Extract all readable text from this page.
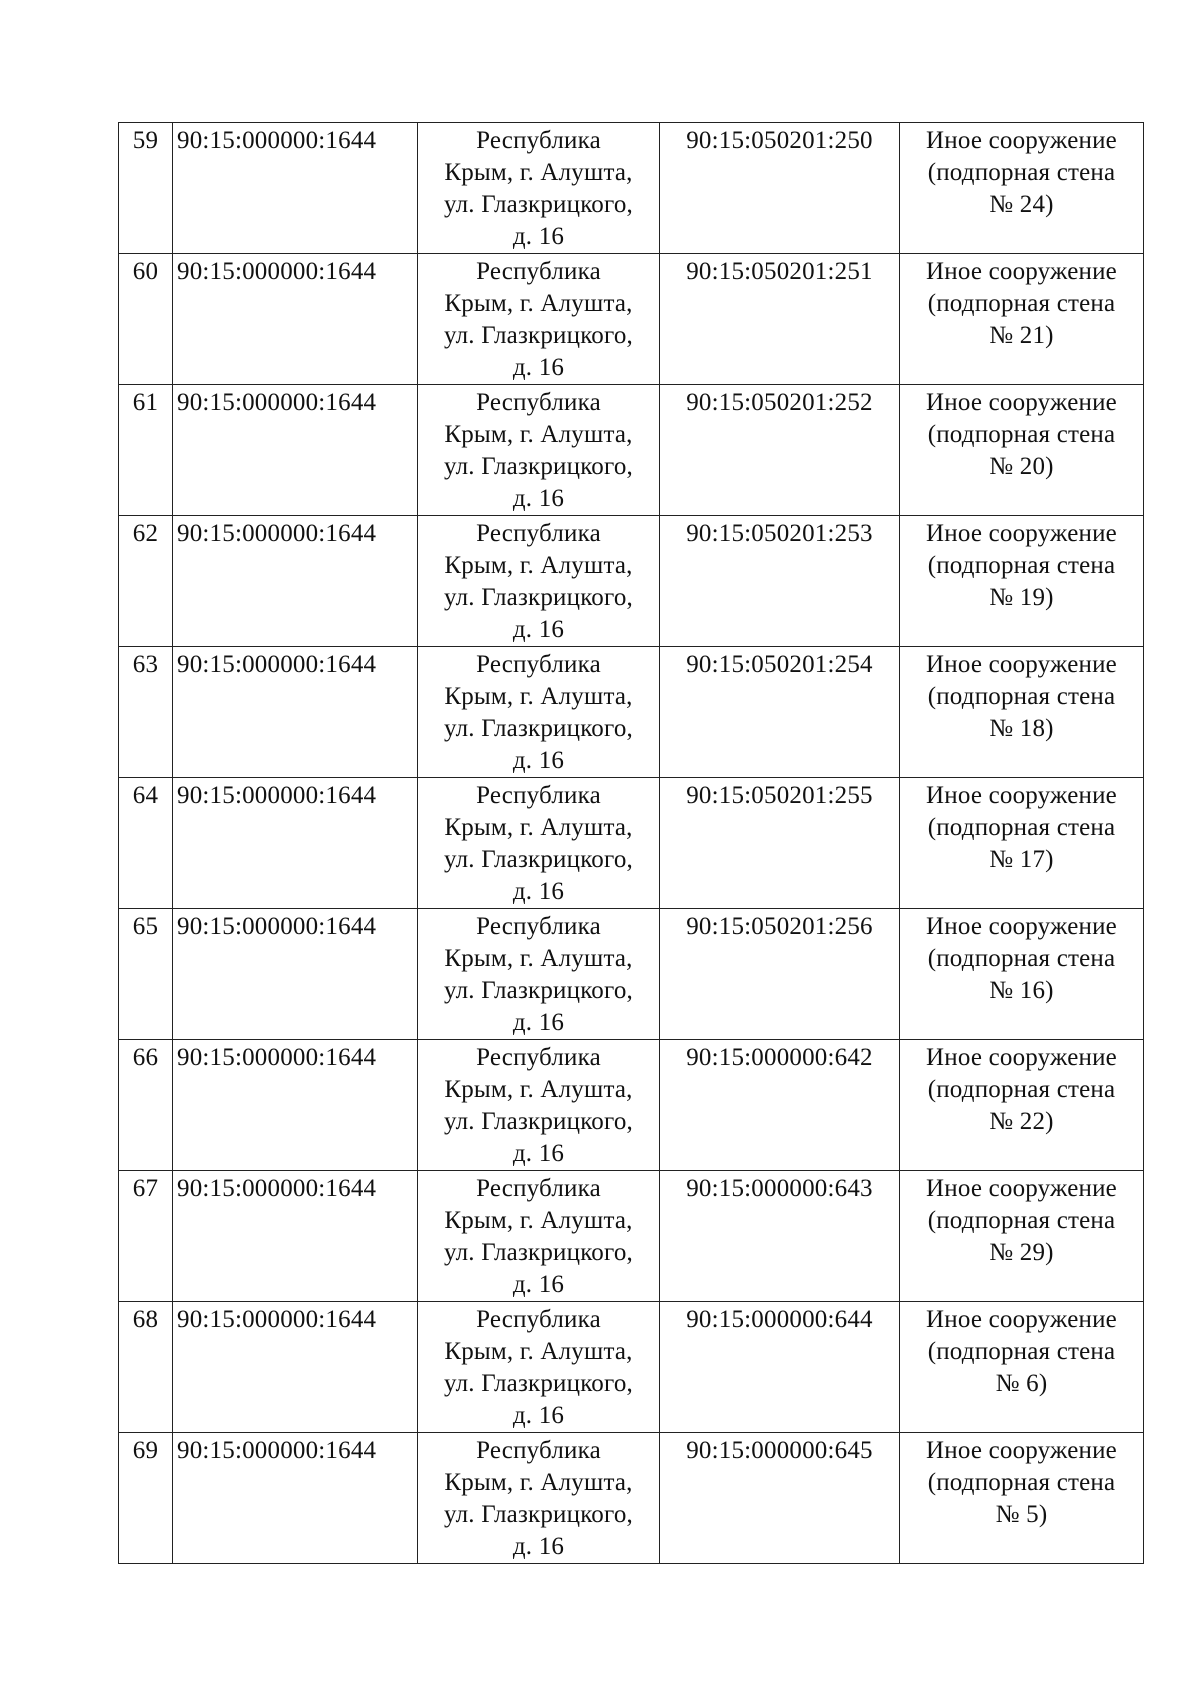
59	90:15:000000:1644	Республика
Крым, г. Алушта,
ул. Глазкрицкого,
д. 16	90:15:050201:250	Иное сооружение
(подпорная стена
№ 24)

60	90:15:000000:1644	Республика
Крым, г. Алушта,
ул. Глазкрицкого,
д. 16	90:15:050201:251	Иное сооружение
(подпорная стена
№ 21)

61	90:15:000000:1644	Республика
Крым, г. Алушта,
ул. Глазкрицкого,
д. 16	90:15:050201:252	Иное сооружение
(подпорная стена
№ 20)

62	90:15:000000:1644	Республика
Крым, г. Алушта,
ул. Глазкрицкого,
д. 16	90:15:050201:253	Иное сооружение
(подпорная стена
№ 19)

63	90:15:000000:1644	Республика
Крым, г. Алушта,
ул. Глазкрицкого,
д. 16	90:15:050201:254	Иное сооружение
(подпорная стена
№ 18)

64	90:15:000000:1644	Республика
Крым, г. Алушта,
ул. Глазкрицкого,
д. 16	90:15:050201:255	Иное сооружение
(подпорная стена
№ 17)

65	90:15:000000:1644	Республика
Крым, г. Алушта,
ул. Глазкрицкого,
д. 16	90:15:050201:256	Иное сооружение
(подпорная стена
№ 16)

66	90:15:000000:1644	Республика
Крым, г. Алушта,
ул. Глазкрицкого,
д. 16	90:15:000000:642	Иное сооружение
(подпорная стена
№ 22)

67	90:15:000000:1644	Республика
Крым, г. Алушта,
ул. Глазкрицкого,
д. 16	90:15:000000:643	Иное сооружение
(подпорная стена
№ 29)

68	90:15:000000:1644	Республика
Крым, г. Алушта,
ул. Глазкрицкого,
д. 16	90:15:000000:644	Иное сооружение
(подпорная стена
№ 6)

69	90:15:000000:1644	Республика
Крым, г. Алушта,
ул. Глазкрицкого,
д. 16	90:15:000000:645	Иное сооружение
(подпорная стена
№ 5)
